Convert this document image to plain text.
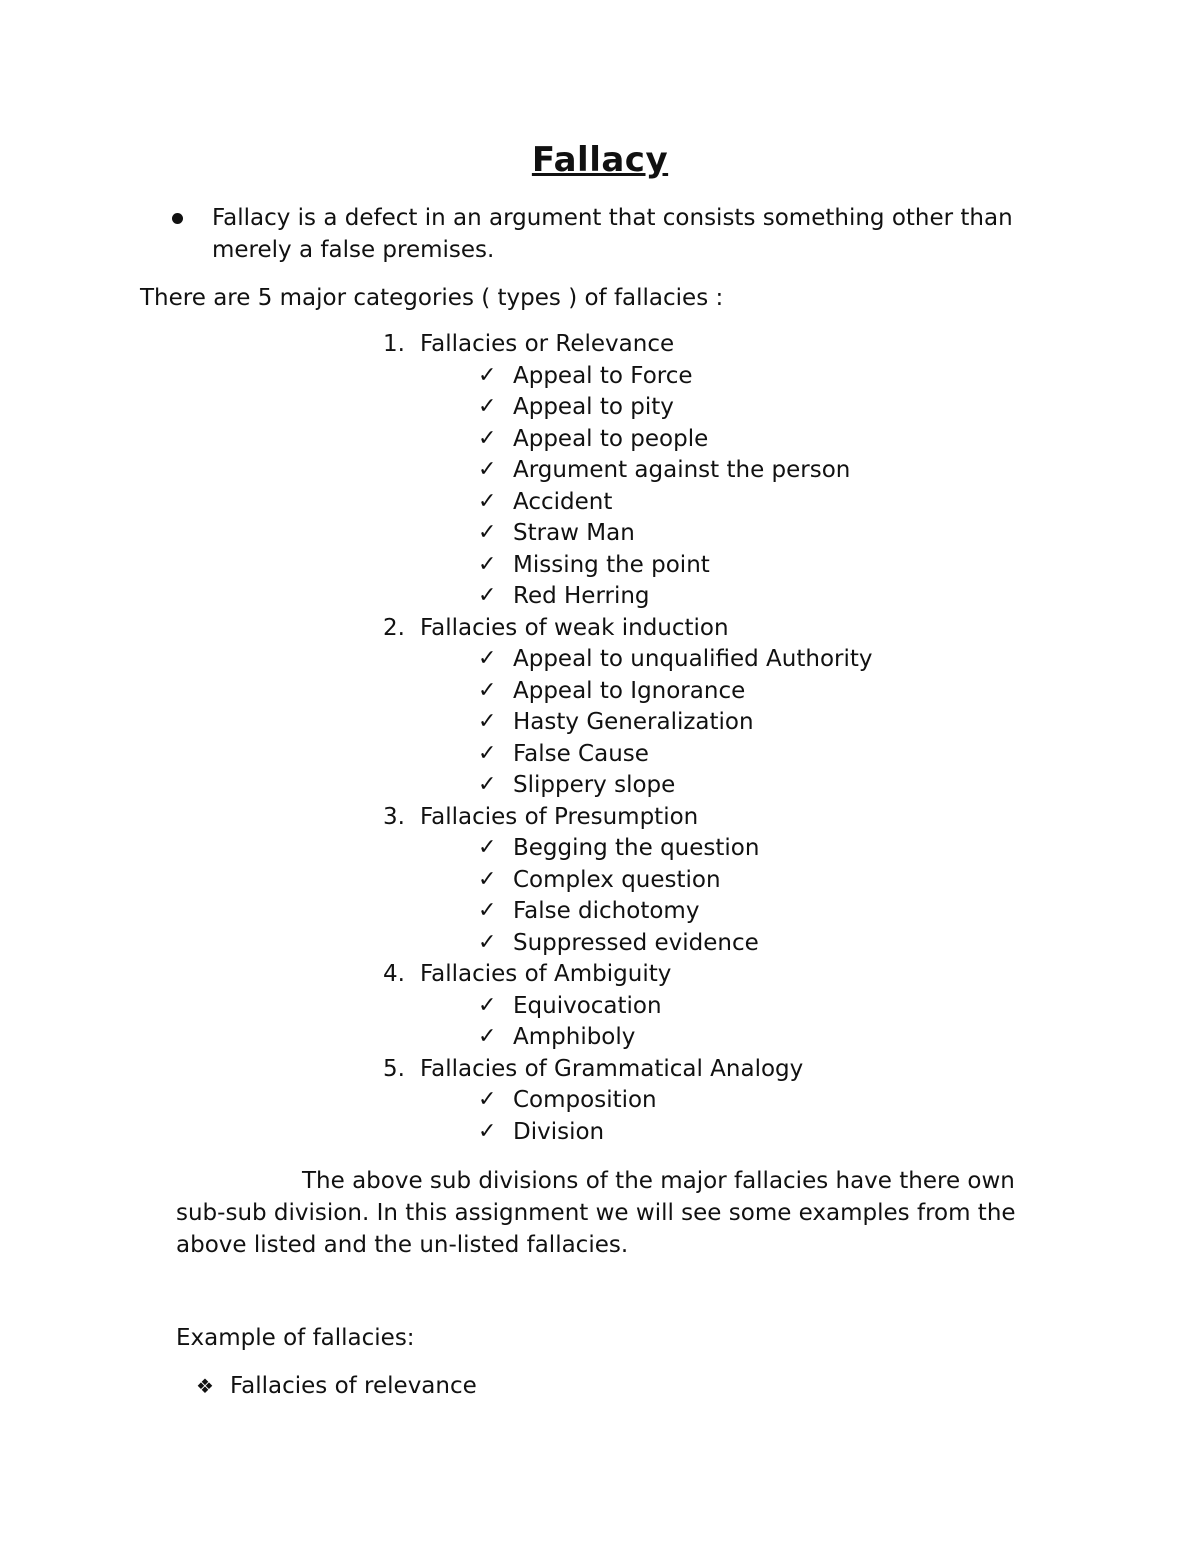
Fallacy
Fallacy is a defect in an argument that consists something other than
merely a false premises.
There are 5 major categories ( types ) of fallacies :
1. Fallacies or Relevance
✓ Appeal to Force
✓ Appeal to pity
✓ Appeal to people
✓ Argument against the person
✓ Accident
✓ Straw Man
✓ Missing the point
✓ Red Herring
2. Fallacies of weak induction
✓ Appeal to unqualified Authority
✓ Appeal to Ignorance
✓ Hasty Generalization
✓ False Cause
✓ Slippery slope
3. Fallacies of Presumption
✓ Begging the question
✓ Complex question
✓ False dichotomy
✓ Suppressed evidence
4. Fallacies of Ambiguity
✓ Equivocation
✓ Amphiboly
5. Fallacies of Grammatical Analogy
✓ Composition
✓ Division
The above sub divisions of the major fallacies have there own
sub-sub division. In this assignment we will see some examples from the
above listed and the un-listed fallacies.
Example of fallacies:
❖ Fallacies of relevance
